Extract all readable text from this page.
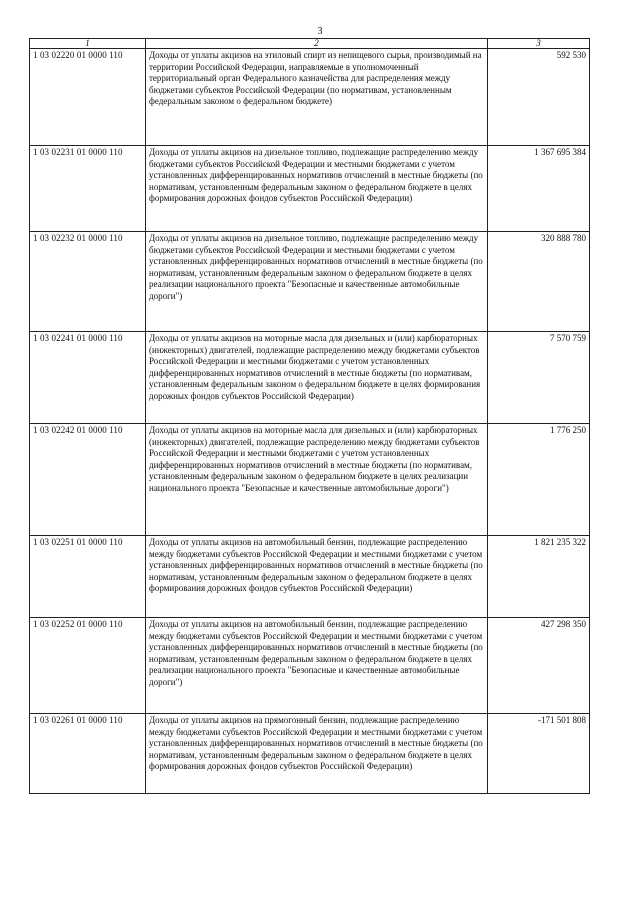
3
1	2	3
1 03 02220 01 0000 110	Доходы от уплаты акцизов на этиловый спирт из непищевого сырья, производимый на территории Российской Федерации, направляемые в уполномоченный территориальный орган Федерального казначейства для распределения между бюджетами субъектов Российской Федерации (по нормативам, установленным федеральным законом о федеральном бюджете)	592 530
1 03 02231 01 0000 110	Доходы от уплаты акцизов на дизельное топливо, подлежащие распределению между бюджетами субъектов Российской Федерации и местными бюджетами с учетом установленных дифференцированных нормативов отчислений в местные бюджеты (по нормативам, установленным федеральным законом о федеральном бюджете в целях формирования дорожных фондов субъектов Российской Федерации)	1 367 695 384
1 03 02232 01 0000 110	Доходы от уплаты акцизов на дизельное топливо, подлежащие распределению между бюджетами субъектов Российской Федерации и местными бюджетами с учетом установленных дифференцированных нормативов отчислений в местные бюджеты (по нормативам, установленным федеральным законом о федеральном бюджете в целях реализации национального проекта "Безопасные и качественные автомобильные дороги")	320 888 780
1 03 02241 01 0000 110	Доходы от уплаты акцизов на моторные масла для дизельных и (или) карбюраторных (инжекторных) двигателей, подлежащие распределению между бюджетами субъектов Российской Федерации и местными бюджетами с учетом установленных дифференцированных нормативов отчислений в местные бюджеты (по нормативам, установленным федеральным законом о федеральном бюджете в целях формирования дорожных фондов субъектов Российской Федерации)	7 570 759
1 03 02242 01 0000 110	Доходы от уплаты акцизов на моторные масла для дизельных и (или) карбюраторных (инжекторных) двигателей, подлежащие распределению между бюджетами субъектов Российской Федерации и местными бюджетами с учетом установленных дифференцированных нормативов отчислений в местные бюджеты (по нормативам, установленным федеральным законом о федеральном бюджете в целях реализации национального проекта "Безопасные и качественные автомобильные дороги")	1 776 250
1 03 02251 01 0000 110	Доходы от уплаты акцизов на автомобильный бензин, подлежащие распределению между бюджетами субъектов Российской Федерации и местными бюджетами с учетом установленных дифференцированных нормативов отчислений в местные бюджеты (по нормативам, установленным федеральным законом о федеральном бюджете в целях формирования дорожных фондов субъектов Российской Федерации)	1 821 235 322
1 03 02252 01 0000 110	Доходы от уплаты акцизов на автомобильный бензин, подлежащие распределению между бюджетами субъектов Российской Федерации и местными бюджетами с учетом установленных дифференцированных нормативов отчислений в местные бюджеты (по нормативам, установленным федеральным законом о федеральном бюджете в целях реализации национального проекта "Безопасные и качественные автомобильные дороги")	427 298 350
1 03 02261 01 0000 110	Доходы от уплаты акцизов на прямогонный бензин, подлежащие распределению между бюджетами субъектов Российской Федерации и местными бюджетами с учетом установленных дифференцированных нормативов отчислений в местные бюджеты (по нормативам, установленным федеральным законом о федеральном бюджете в целях формирования дорожных фондов субъектов Российской Федерации)	-171 501 808
